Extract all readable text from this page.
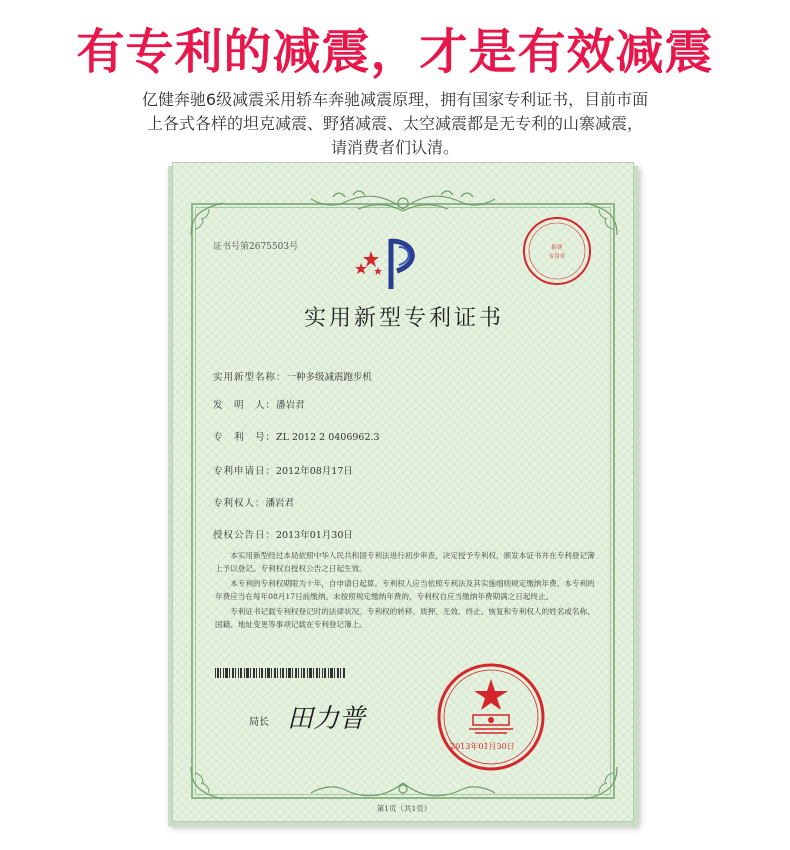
有专利的减震，才是有效减震
亿健奔驰6级减震采用轿车奔驰减震原理，拥有国家专利证书，目前市面
上各式各样的坦克减震、野猪减震、太空减震都是无专利的山寨减震，
请消费者们认清。
证书号第2675503号	防伪
专用章
实用新型专利证书
实用新型名称：一种多级减震跑步机
发　明　人：潘岩君
专　利　号：ZL 2012 2 0406962.3
专利申请日：2012年08月17日
专利权人：潘岩君
授权公告日：2013年01月30日

本实用新型经过本局依照中华人民共和国专利法进行初步审查，决定授予专利权，颁发本证书并在专利登记簿上予以登记。专利权自授权公告之日起生效。

本专利的专利权期限为十年，自申请日起算。专利权人应当依照专利法及其实施细则规定缴纳年费。本专利的年费应当在每年08月17日前缴纳。未按照规定缴纳年费的，专利权自应当缴纳年费期满之日起终止。

专利证书记载专利权登记时的法律状况。专利权的转移、质押、无效、终止、恢复和专利权人的姓名或名称、国籍、地址变更等事项记载在专利登记簿上。

局长 田力普
2013年01月30日
第1页（共1页）
